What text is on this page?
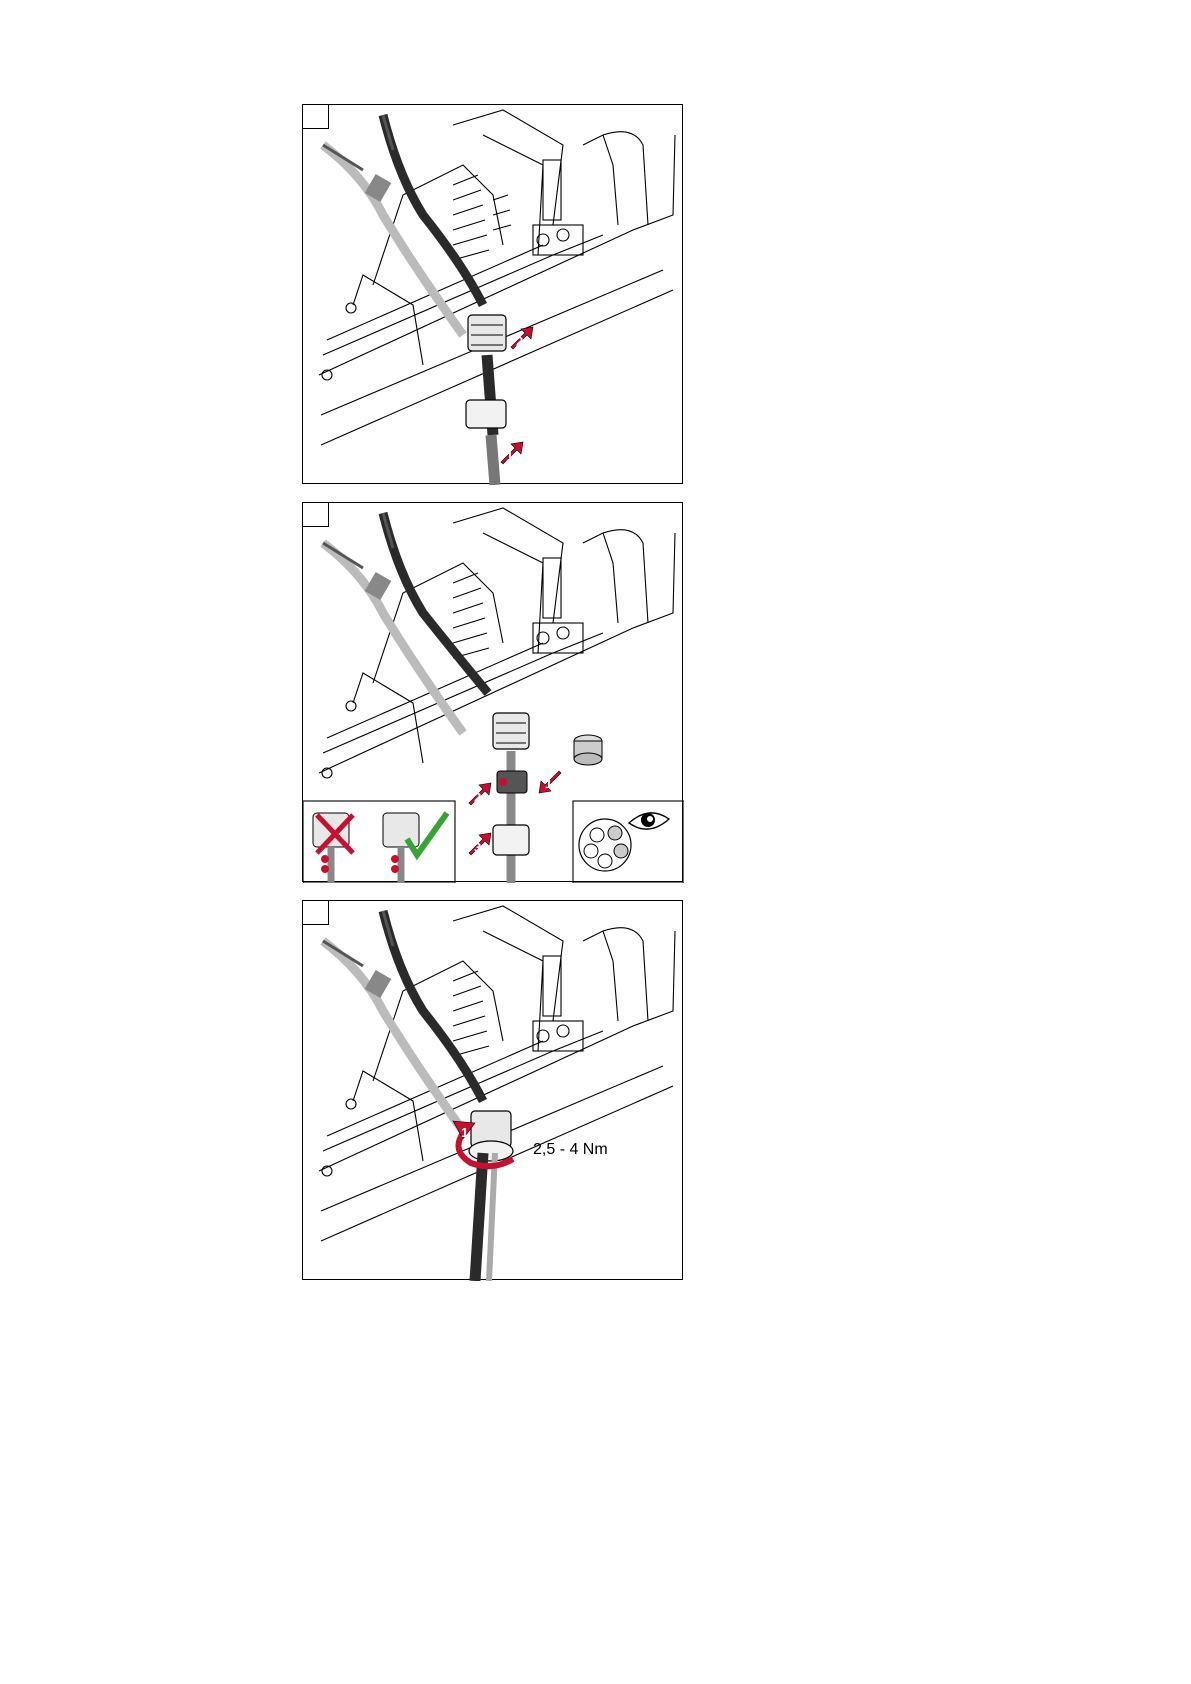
2
1
1
2
3
1
2,5 - 4 Nm
